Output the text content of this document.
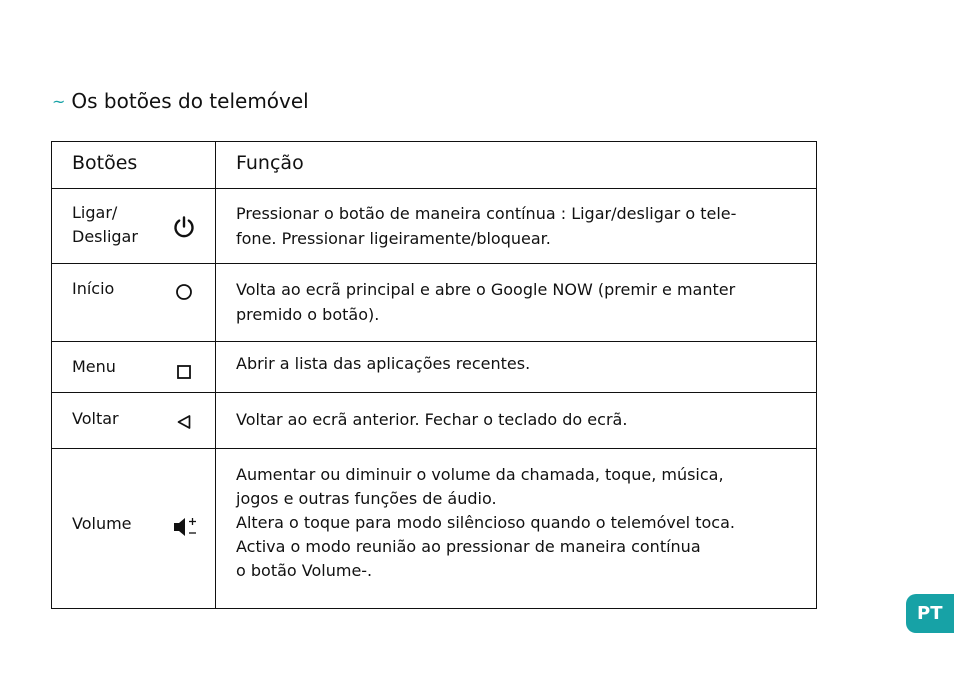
~ Os botões do telemóvel
Botões	Função

Ligar/ Desligar	Pressionar o botão de maneira contínua : Ligar/desligar o tele-
fone. Pressionar ligeiramente/bloquear.

Início	Volta ao ecrã principal e abre o Google NOW (premir e manter
premido o botão).

Menu	Abrir a lista das aplicações recentes.

Voltar	Voltar ao ecrã anterior. Fechar o teclado do ecrã.

Volume	Aumentar ou diminuir o volume da chamada, toque, música,
jogos e outras funções de áudio.
Altera o toque para modo silêncioso quando o telemóvel toca.
Activa o modo reunião ao pressionar de maneira contínua
o botão Volume-.
PT
